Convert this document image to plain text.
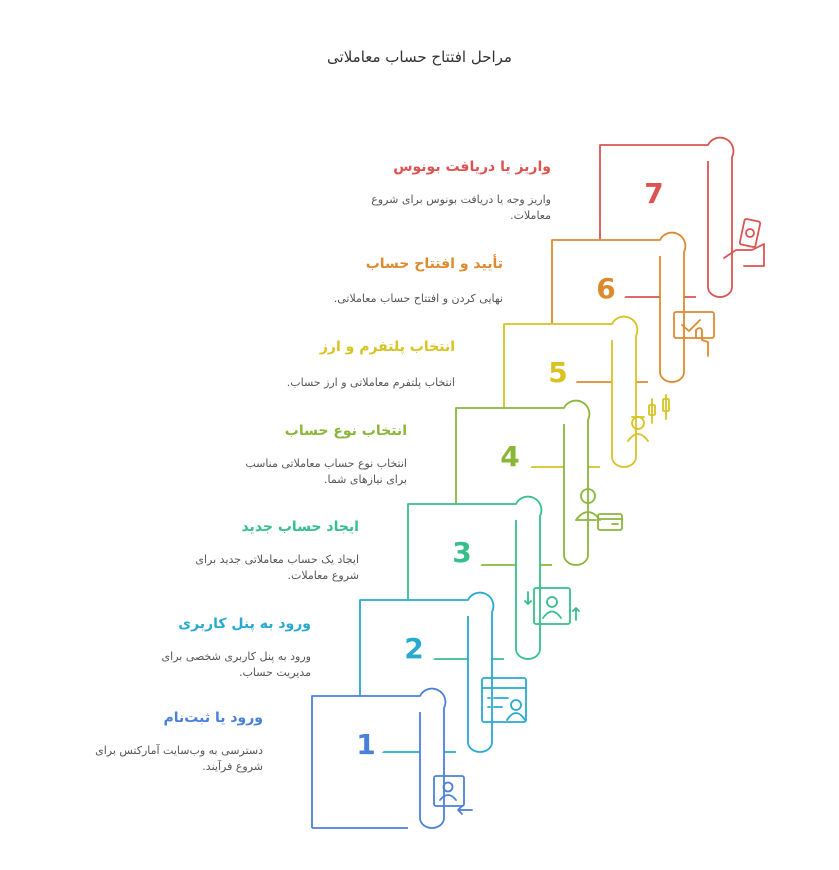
مراحل افتتاح حساب معاملاتی
7
6
5
4
3
2
1
ورود یا ثبت‌نام
دسترسی به وب‌سایت آمارکتس برای شروع فرآیند.
ورود به پنل کاربری
ورود به پنل کاربری شخصی برای مدیریت حساب.
ایجاد حساب جدید
ایجاد یک حساب معاملاتی جدید برای شروع معاملات.
انتخاب نوع حساب
انتخاب نوع حساب معاملاتی مناسب برای نیازهای شما.
انتخاب پلتفرم و ارز
انتخاب پلتفرم معاملاتی و ارز حساب.
تأیید و افتتاح حساب
نهایی کردن و افتتاح حساب معاملاتی.
واریز یا دریافت بونوس
واریز وجه یا دریافت بونوس برای شروع معاملات.
